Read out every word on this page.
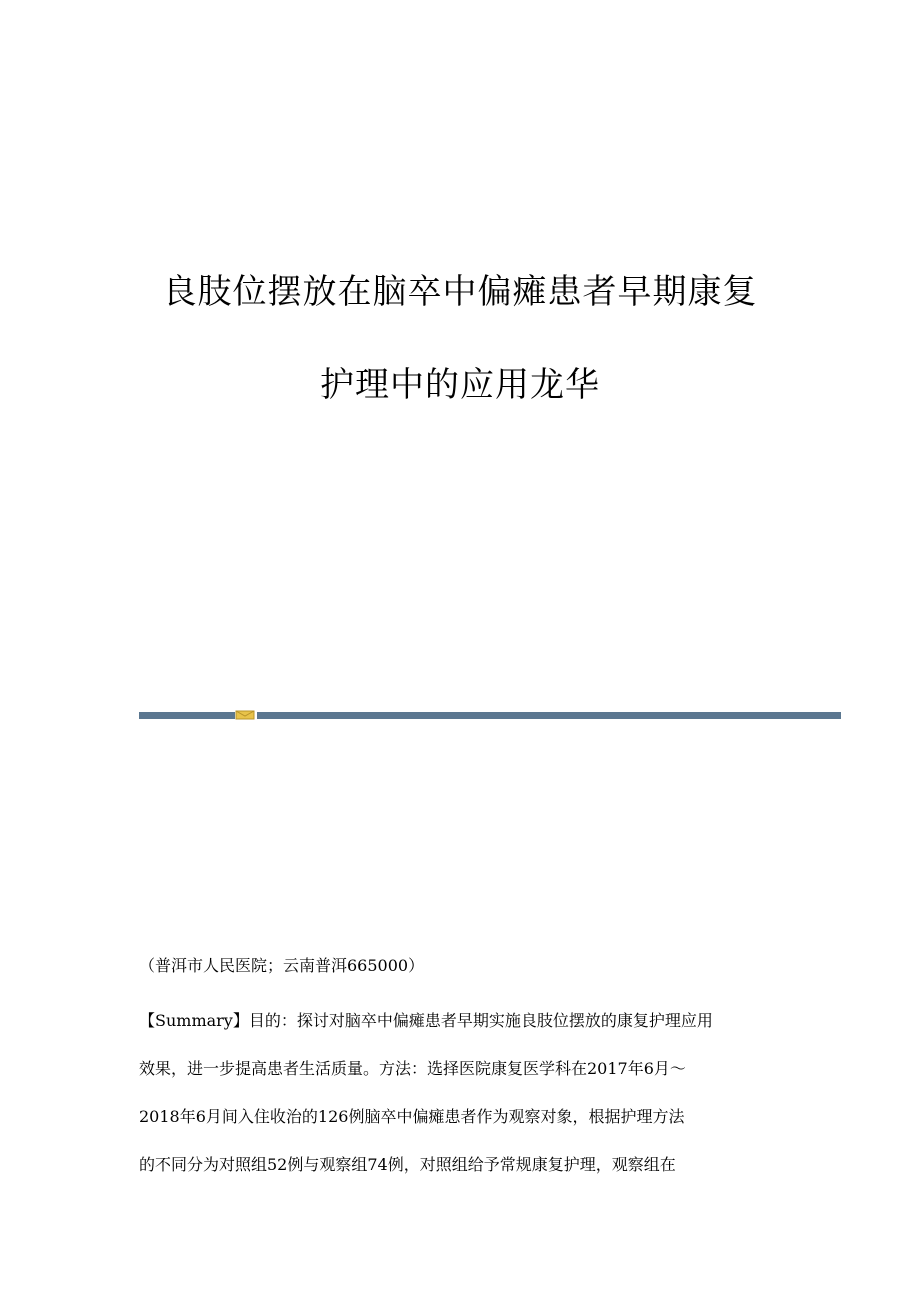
良肢位摆放在脑卒中偏瘫患者早期康复
护理中的应用龙华
（普洱市人民医院；云南普洱665000）
【Summary】目的：探讨对脑卒中偏瘫患者早期实施良肢位摆放的康复护理应用
效果，进一步提高患者生活质量。方法：选择医院康复医学科在2017年6月～
2018年6月间入住收治的126例脑卒中偏瘫患者作为观察对象，根据护理方法
的不同分为对照组52例与观察组74例，对照组给予常规康复护理，观察组在
